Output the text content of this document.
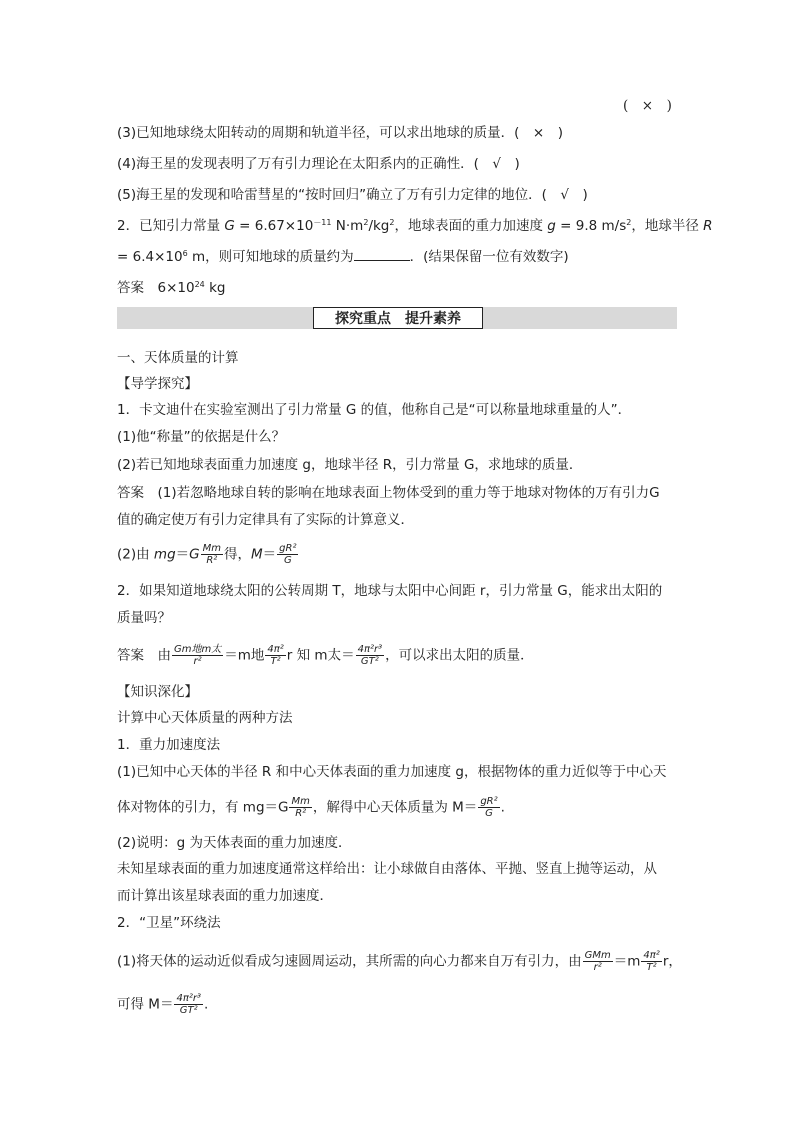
(　×　)
(3)已知地球绕太阳转动的周期和轨道半径，可以求出地球的质量．(　×　)
(4)海王星的发现表明了万有引力理论在太阳系内的正确性．(　√　)
(5)海王星的发现和哈雷彗星的“按时回归”确立了万有引力定律的地位．(　√　)
2．已知引力常量 $G = 6.67\times 10^{-11}$ $N\cdot m^2/kg^2$，地球表面的重力加速度 g = 9.8 $m/s^2$，地球半径 R
= $6.4\times 10^6$ m，则可知地球的质量约为	．(结果保留一位有效数字)
答案　 $6\times 10^{24}$ kg
探究重点 提升素养
一、天体质量的计算
【导学探究】
1．卡文迪什在实验室测出了引力常量 G 的值，他称自己是“可以称量地球重量的人”．
(1)他“称量”的依据是什么？
(2)若已知地球表面重力加速度 g，地球半径 R，引力常量 G，求地球的质量．
答案　(1)若忽略地球自转的影响在地球表面上物体受到的重力等于地球对物体的万有引力G
值的确定使万有引力定律具有了实际的计算意义．
(2)由 $mg=G \frac{Mm}{\text{R²}}$ 得，$M= \frac{\text{gR²}}{G}$
2．如果知道地球绕太阳的公转周期 T，地球与太阳中心间距 r，引力常量 G，能求出太阳的
质量吗？
答案　由 $\frac{\text{Gm地m太}}{\text{r²}} =m$地 $\frac{\text{4π²}}{\text{T²}}$ r 知 m太＝ $\frac{\text{4π²r³}}{\text{GT²}}$ ，可以求出太阳的质量．
【知识深化】
计算中心天体质量的两种方法
1．重力加速度法
(1)已知中心天体的半径 R 和中心天体表面的重力加速度 g，根据物体的重力近似等于中心天
体对物体的引力，有 $mg=G \frac{Mm}{\text{R²}}$ ，解得中心天体质量为 $M= \frac{\text{gR²}}{G}$ .
(2)说明：g 为天体表面的重力加速度．
未知星球表面的重力加速度通常这样给出：让小球做自由落体、平抛、竖直上抛等运动，从
而计算出该星球表面的重力加速度．
2．“卫星”环绕法
(1)将天体的运动近似看成匀速圆周运动，其所需的向心力都来自万有引力，由 $\frac{\text{GMm}}{\text{r²}} =m \frac{\text{4π²}}{\text{T²}}$ r，
可得 $M= \frac{\text{4π²r³}}{\text{GT²}}$ .
